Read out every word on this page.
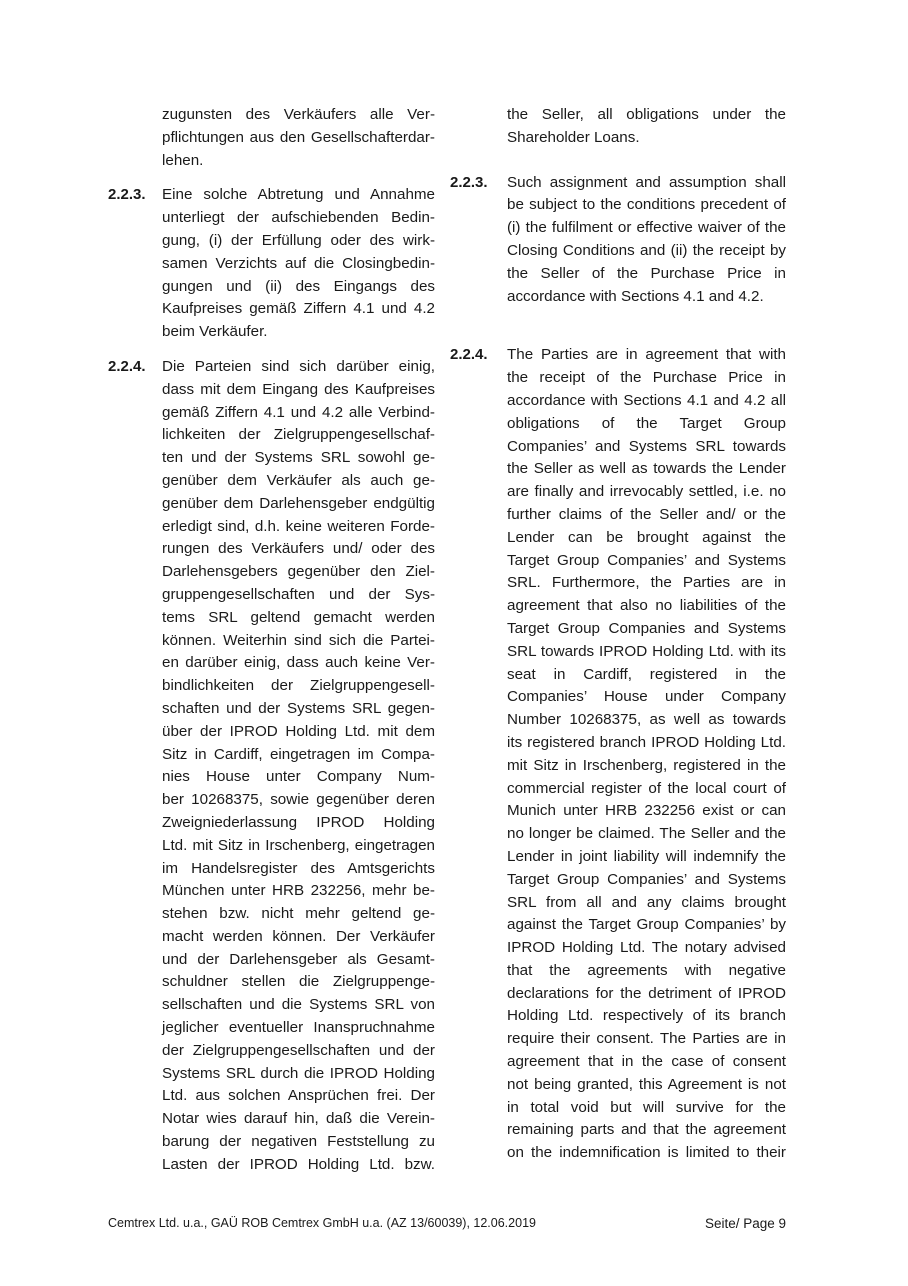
zugunsten des Verkäufers alle Ver-
pflichtungen aus den Gesellschafterdar-
lehen.
2.2.3. Eine solche Abtretung und Annahme
unterliegt der aufschiebenden Bedin-
gung, (i) der Erfüllung oder des wirk-
samen Verzichts auf die Closingbedin-
gungen und (ii) des Eingangs des
Kaufpreises gemäß Ziffern 4.1 und 4.2
beim Verkäufer.
2.2.4. Die Parteien sind sich darüber einig,
dass mit dem Eingang des Kaufpreises
gemäß Ziffern 4.1 und 4.2 alle Verbind-
lichkeiten der Zielgruppengesellschaf-
ten und der Systems SRL sowohl ge-
genüber dem Verkäufer als auch ge-
genüber dem Darlehensgeber endgültig
erledigt sind, d.h. keine weiteren Forde-
rungen des Verkäufers und/ oder des
Darlehensgebers gegenüber den Ziel-
gruppengesellschaften und der Sys-
tems SRL geltend gemacht werden
können. Weiterhin sind sich die Partei-
en darüber einig, dass auch keine Ver-
bindlichkeiten der Zielgruppengesell-
schaften und der Systems SRL gegen-
über der IPROD Holding Ltd. mit dem
Sitz in Cardiff, eingetragen im Compa-
nies House unter Company Num-
ber 10268375, sowie gegenüber deren
Zweigniederlassung IPROD Holding
Ltd. mit Sitz in Irschenberg, eingetragen
im Handelsregister des Amtsgerichts
München unter HRB 232256, mehr be-
stehen bzw. nicht mehr geltend ge-
macht werden können. Der Verkäufer
und der Darlehensgeber als Gesamt-
schuldner stellen die Zielgruppenge-
sellschaften und die Systems SRL von
jeglicher eventueller Inanspruchnahme
der Zielgruppengesellschaften und der
Systems SRL durch die IPROD Holding
Ltd. aus solchen Ansprüchen frei. Der
Notar wies darauf hin, daß die Verein-
barung der negativen Feststellung zu
Lasten der IPROD Holding Ltd. bzw.
the Seller, all obligations under the
Shareholder Loans.
2.2.3. Such assignment and assumption shall
be subject to the conditions precedent of
(i) the fulfilment or effective waiver of the
Closing Conditions and (ii) the receipt by
the Seller of the Purchase Price in
accordance with Sections 4.1 and 4.2.
2.2.4. The Parties are in agreement that with
the receipt of the Purchase Price in
accordance with Sections 4.1 and 4.2 all
obligations of the Target Group
Companies’ and Systems SRL towards
the Seller as well as towards the Lender
are finally and irrevocably settled, i.e. no
further claims of the Seller and/ or the
Lender can be brought against the
Target Group Companies’ and Systems
SRL. Furthermore, the Parties are in
agreement that also no liabilities of the
Target Group Companies and Systems
SRL towards IPROD Holding Ltd. with its
seat in Cardiff, registered in the
Companies’ House under Company
Number 10268375, as well as towards
its registered branch IPROD Holding Ltd.
mit Sitz in Irschenberg, registered in the
commercial register of the local court of
Munich unter HRB 232256 exist or can
no longer be claimed. The Seller and the
Lender in joint liability will indemnify the
Target Group Companies’ and Systems
SRL from all and any claims brought
against the Target Group Companies’ by
IPROD Holding Ltd. The notary advised
that the agreements with negative
declarations for the detriment of IPROD
Holding Ltd. respectively of its branch
require their consent. The Parties are in
agreement that in the case of consent
not being granted, this Agreement is not
in total void but will survive for the
remaining parts and that the agreement
on the indemnification is limited to their
Cemtrex Ltd. u.a., GAÜ ROB Cemtrex GmbH u.a. (AZ 13/60039), 12.06.2019	Seite/ Page 9
